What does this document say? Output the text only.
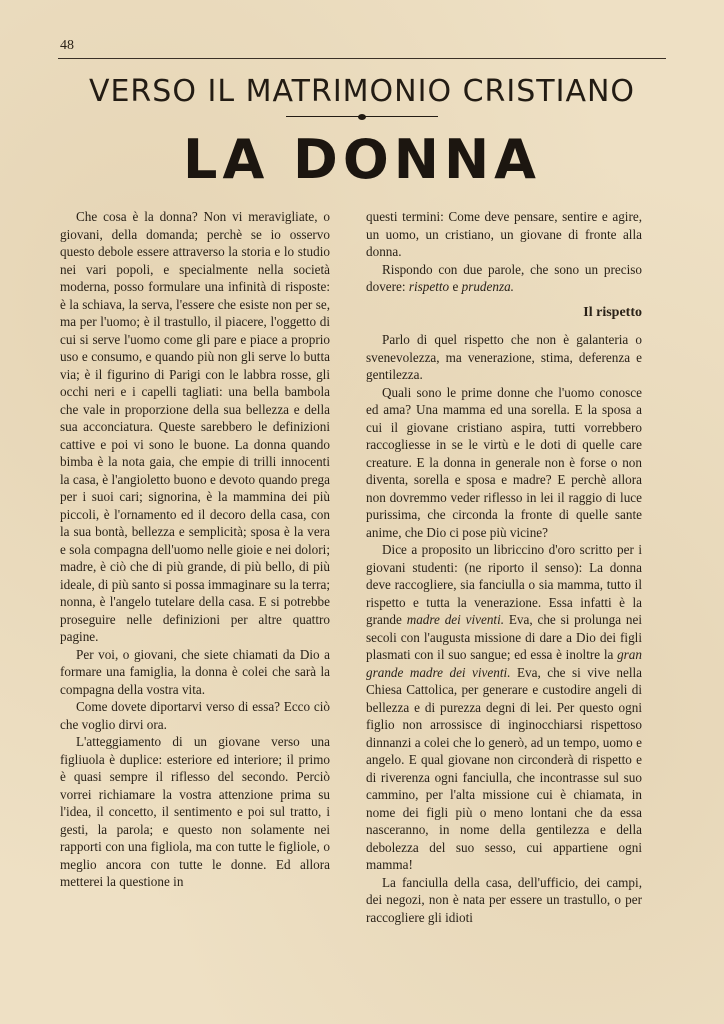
48
VERSO IL MATRIMONIO CRISTIANO
LA DONNA

Che cosa è la donna? Non vi meravigliate, o giovani, della domanda; perchè se io osservo questo debole essere attraverso la storia e lo studio nei vari popoli, e specialmente nella società moderna, posso formulare una infinità di risposte: è la schiava, la serva, l'essere che esiste non per se, ma per l'uomo; è il trastullo, il piacere, l'oggetto di cui si serve l'uomo come gli pare e piace a proprio uso e consumo, e quando più non gli serve lo butta via; è il figurino di Parigi con le labbra rosse, gli occhi neri e i capelli tagliati: una bella bambola che vale in proporzione della sua bellezza e della sua acconciatura. Queste sarebbero le definizioni cattive e poi vi sono le buone. La donna quando bimba è la nota gaia, che empie di trilli innocenti la casa, è l'angioletto buono e devoto quando prega per i suoi cari; signorina, è la mammina dei più piccoli, è l'ornamento ed il decoro della casa, con la sua bontà, bellezza e semplicità; sposa è la vera e sola compagna dell'uomo nelle gioie e nei dolori; madre, è ciò che di più grande, di più bello, di più ideale, di più santo si possa immaginare su la terra; nonna, è l'angelo tutelare della casa. E si potrebbe proseguire nelle definizioni per altre quattro pagine.

Per voi, o giovani, che siete chiamati da Dio a formare una famiglia, la donna è colei che sarà la compagna della vostra vita.

Come dovete diportarvi verso di essa? Ecco ciò che voglio dirvi ora.

L'atteggiamento di un giovane verso una figliuola è duplice: esteriore ed interiore; il primo è quasi sempre il riflesso del secondo. Perciò vorrei richiamare la vostra attenzione prima su l'idea, il concetto, il sentimento e poi sul tratto, i gesti, la parola; e questo non solamente nei rapporti con una figliola, ma con tutte le figliole, o meglio ancora con tutte le donne. Ed allora metterei la questione in

questi termini: Come deve pensare, sentire e agire, un uomo, un cristiano, un giovane di fronte alla donna.

Rispondo con due parole, che sono un preciso dovere: rispetto e prudenza.

Il rispetto

Parlo di quel rispetto che non è galanteria o svenevolezza, ma venerazione, stima, deferenza e gentilezza.

Quali sono le prime donne che l'uomo conosce ed ama? Una mamma ed una sorella. E la sposa a cui il giovane cristiano aspira, tutti vorrebbero raccogliesse in se le virtù e le doti di quelle care creature. E la donna in generale non è forse o non diventa, sorella e sposa e madre? E perchè allora non dovremmo veder riflesso in lei il raggio di luce purissima, che circonda la fronte di quelle sante anime, che Dio ci pose più vicine?

Dice a proposito un libriccino d'oro scritto per i giovani studenti: (ne riporto il senso): La donna deve raccogliere, sia fanciulla o sia mamma, tutto il rispetto e tutta la venerazione. Essa infatti è la grande madre dei viventi. Eva, che si prolunga nei secoli con l'augusta missione di dare a Dio dei figli plasmati con il suo sangue; ed essa è inoltre la gran grande madre dei viventi. Eva, che si vive nella Chiesa Cattolica, per generare e custodire angeli di bellezza e di purezza degni di lei. Per questo ogni figlio non arrossisce di inginocchiarsi rispettoso dinnanzi a colei che lo generò, ad un tempo, uomo e angelo. E qual giovane non circonderà di rispetto e di riverenza ogni fanciulla, che incontrasse sul suo cammino, per l'alta missione cui è chiamata, in nome dei figli più o meno lontani che da essa nasceranno, in nome della gentilezza e della debolezza del suo sesso, cui appartiene ogni mamma!

La fanciulla della casa, dell'ufficio, dei campi, dei negozi, non è nata per essere un trastullo, o per raccogliere gli idioti
